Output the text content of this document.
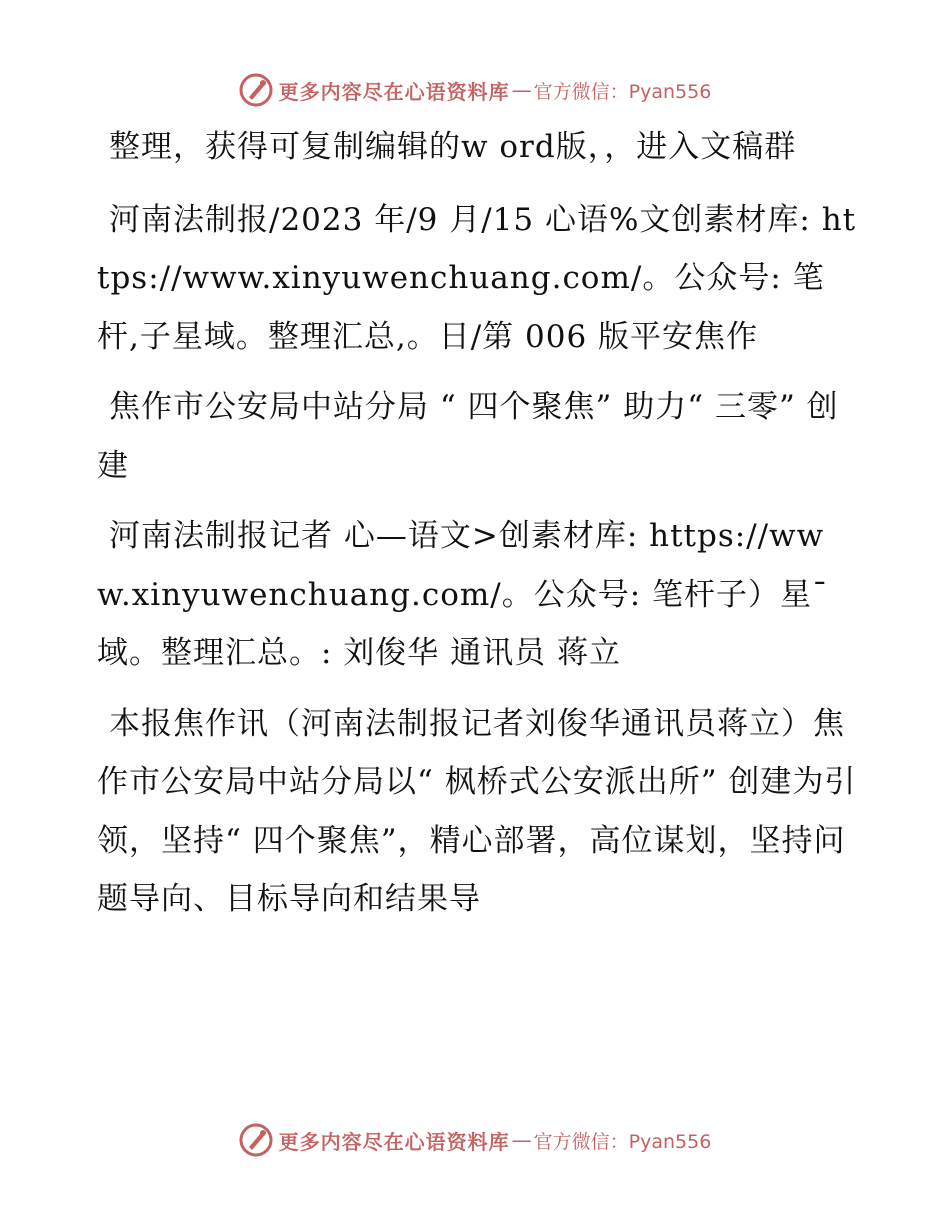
更多内容尽在心语资料库 — 官方微信：Pyan556

整理，获得可复制编辑的w ord版，，进入文稿群

河南法制报/2023 年/9 月/15 心语%文创素材库: https://www.xinyuwenchuang.com/。公众号: 笔杆,子星域。整理汇总,。日/第 006 版平安焦作

焦作市公安局中站分局 “ 四个聚焦” 助力“ 三零” 创建

河南法制报记者 心—语文>创素材库: https://www.xinyuwenchuang.com/。公众号: 笔杆子）星¯域。整理汇总。: 刘俊华 通讯员 蒋立

本报焦作讯（河南法制报记者刘俊华通讯员蒋立）焦作市公安局中站分局以“ 枫桥式公安派出所” 创建为引领，坚持“ 四个聚焦”，精心部署，高位谋划，坚持问题导向、目标导向和结果导

更多内容尽在心语资料库 — 官方微信：Pyan556
